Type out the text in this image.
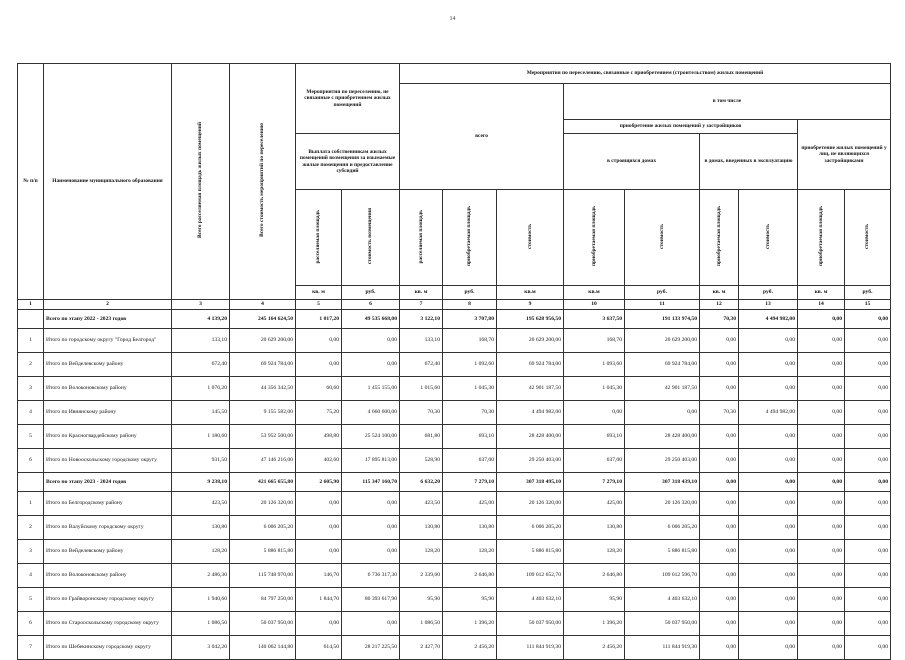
14
№ п/п	Наименование муниципального образования	Всего расселяемая площадь жилых помещений	Всего стоимость мероприятий по переселению	Мероприятия по переселению, не связанные с приобретением жилых помещений		Мероприятия по переселению, связанные с приобретением (строительством) жилых помещений									
						всего			в том числе						
									приобретение жилых помещений у застройщиков				приобретение жилых помещений у лиц, не являющихся застройщиками		
				Выплата собственникам жилых помещений возмещения за изымаемые жилые помещения и предоставление субсидий					в строящихся домах		в домах, введенных в эксплуатацию				
				расселяемая площадь	стоимость возмещения	расселяемая площадь	приобретаемая площадь	стоимость	приобретаемая площадь	стоимость	приобретаемая площадь	стоимость	приобретаемая площадь	стоимость	
				кв. м	руб.	кв. м	руб.	кв.м	кв.м	руб.	кв. м	руб.	кв. м	руб.		
1	2	3	4	5	6	7	8	9	10	11	12	13	14	15	
	Всего по этапу 2022 - 2023 годов	4 139,20	245 164 624,50	1 017,20	49 535 668,00	3 122,10	3 707,80	195 628 956,50	3 637,50	191 133 974,50	70,30	4 494 982,00	0,00	0,00	
1	Итого по городскому округу "Город Белгород"	133,10	20 629 200,00	0,00	0,00	133,10	168,70	20 629 200,00	168,70	20 629 200,00	0,00	0,00	0,00	0,00	
2	Итого по Вейделевскому району	672,40	69 924 784,00	0,00	0,00	672,40	1 092,60	69 924 784,00	1 093,60	69 924 784,00	0,00	0,00	0,00	0,00	
3	Итого по Волоконовскому району	1 076,20	44 356 342,50	60,60	1 455 155,00	1 015,60	1 045,30	42 901 187,50	1 045,30	42 901 187,50	0,00	0,00	0,00	0,00	
4	Итого по Ивнянскому району	145,50	9 155 582,00	75,20	4 660 600,00	70,30	70,30	4 494 982,00	0,00	0,00	70,30	4 494 982,00	0,00	0,00	
5	Итого по Красногвардейскому району	1 180,60	53 952 500,00	498,80	25 524 100,00	681,80	693,10	28 428 400,00	693,10	28 428 400,00	0,00	0,00	0,00	0,00	
6	Итого по Новооскольскому городскому округу	931,50	47 146 216,00	402,60	17 895 813,00	528,90	637,00	29 250 403,00	637,00	29 250 403,00	0,00	0,00	0,00	0,00	
	Всего по этапу 2023 - 2024 годов	9 238,10	421 665 655,80	2 605,90	115 347 160,70	6 632,20	7 279,10	307 318 495,10	7 279,10	307 318 439,10	0,00	0,00	0,00	0,00	
1	Итого по Белгородскому району	423,50	20 126 320,00	0,00	0,00	423,50	425,00	20 126 320,00	425,00	20 126 320,00	0,00	0,00	0,00	0,00	
2	Итого по Валуйскому городскому округу	130,80	6 006 205,20	0,00	0,00	130,80	130,80	6 006 205,20	130,80	6 006 205,20	0,00	0,00	0,00	0,00	
3	Итого по Вейделевскому району	128,20	5 886 815,80	0,00	0,00	128,20	128,20	5 886 815,80	128,20	5 886 815,80	0,00	0,00	0,00	0,00	
4	Итого по Волоконовскому району	2 486,30	115 748 970,00	146,70	6 736 317,30	2 339,60	2 646,80	109 012 652,70	2 646,80	109 012 596,70	0,00	0,00	0,00	0,00	
5	Итого по Грайворонскому городскому округу	1 940,60	84 797 250,00	1 844,70	80 393 617,90	95,90	95,90	4 403 632,10	95,90	4 403 632,10	0,00	0,00	0,00	0,00	
6	Итого по Старооскольскому городскому округу	1 086,50	50 037 950,00	0,00	0,00	1 086,50	1 396,20	50 037 950,00	1 396,20	50 037 950,00	0,00	0,00	0,00	0,00	
7	Итого по Шебекинскому городскому округу	3 042,20	140 062 144,80	614,50	28 217 225,50	2 427,70	2 456,20	111 844 919,30	2 456,20	111 844 919,30	0,00	0,00	0,00	0,00	
